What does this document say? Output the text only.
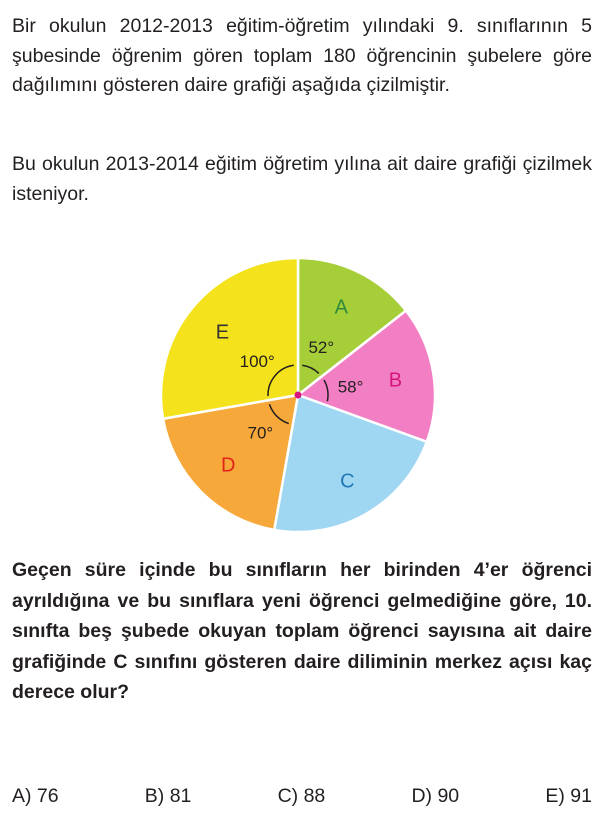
Bir okulun 2012-2013 eğitim-öğretim yılındaki 9. sınıflarının 5 şubesinde öğrenim gören toplam 180 öğrencinin şubelere göre dağılımını gösteren daire grafiği aşağıda çizilmiştir.

Bu okulun 2013-2014 eğitim öğretim yılına ait daire grafiği çizilmek isteniyor.

A
52°
B
58°
C
D
70°
E
100°

Geçen süre içinde bu sınıfların her birinden 4’er öğrenci ayrıldığına ve bu sınıflara yeni öğrenci gelmediğine göre, 10. sınıfta beş şubede okuyan toplam öğrenci sayısına ait daire grafiğinde C sınıfını gösteren daire diliminin merkez açısı kaç derece olur?

A) 76	B) 81	C) 88	D) 90	E) 91
